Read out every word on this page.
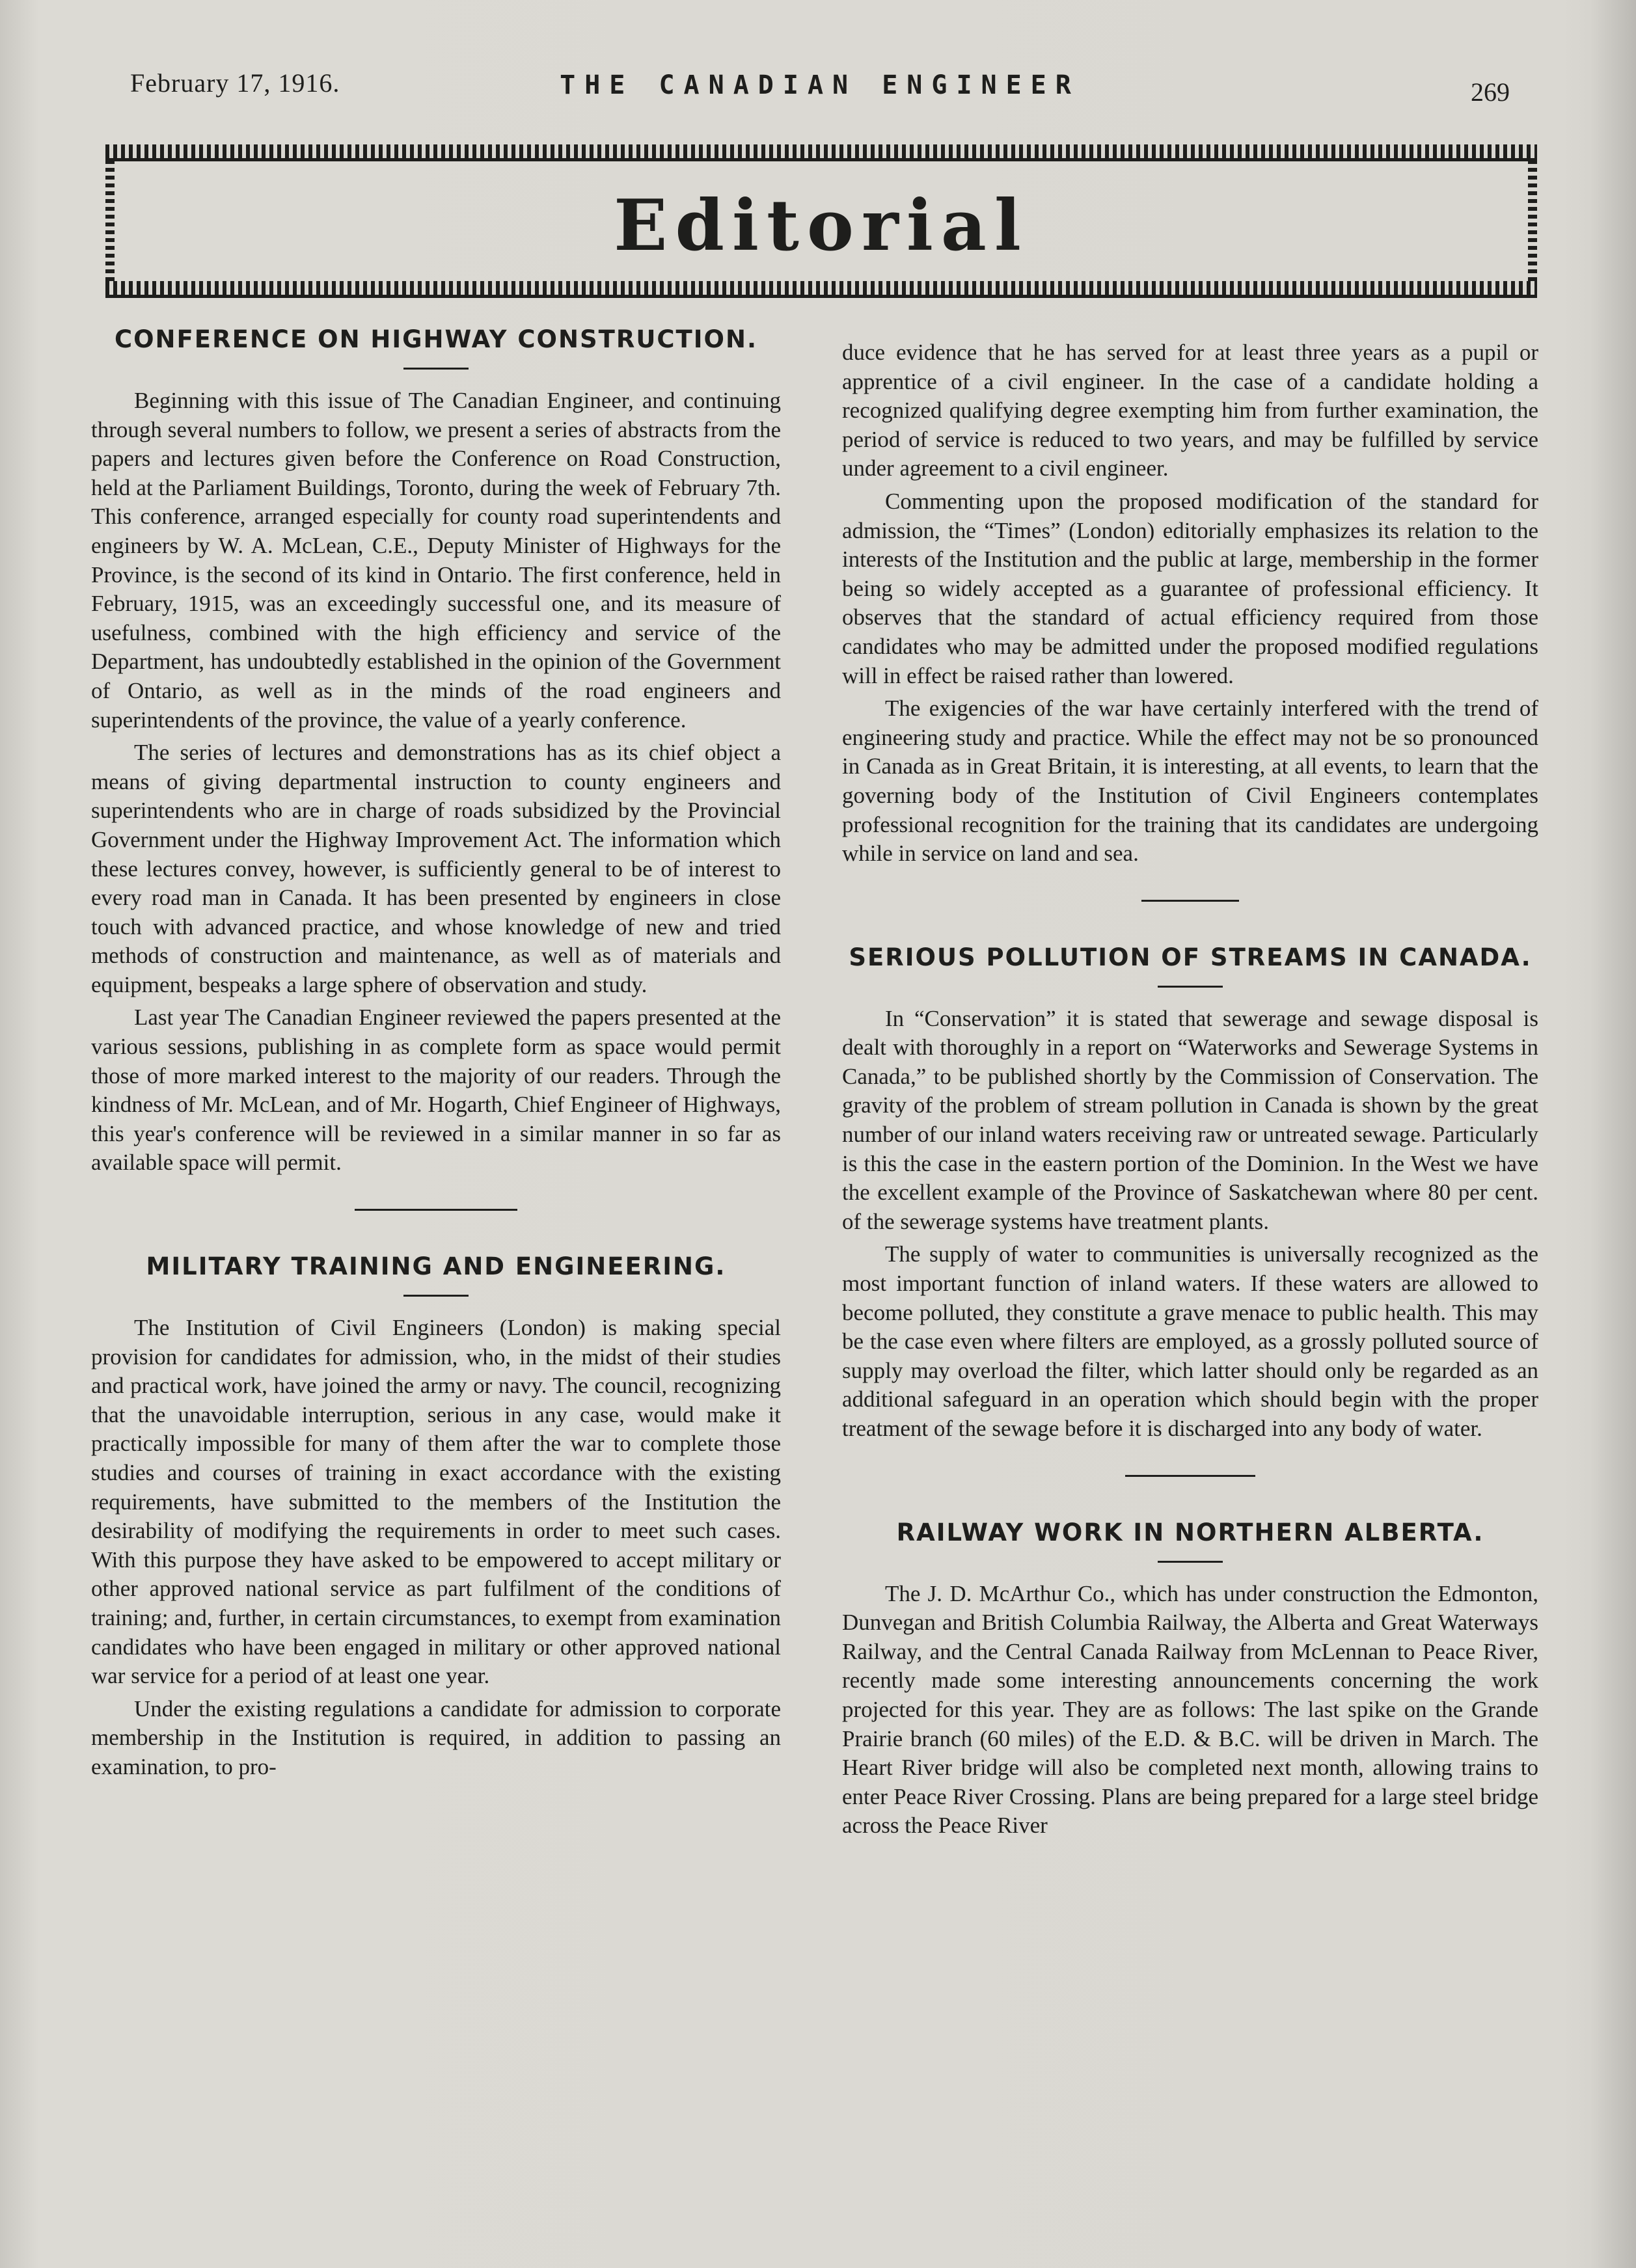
February 17, 1916.	THE CANADIAN ENGINEER	269
Editorial
CONFERENCE ON HIGHWAY CONSTRUCTION.

Beginning with this issue of The Canadian Engineer, and continuing through several numbers to follow, we present a series of abstracts from the papers and lectures given before the Conference on Road Construction, held at the Parliament Buildings, Toronto, during the week of February 7th. This conference, arranged especially for county road superintendents and engineers by W. A. McLean, C.E., Deputy Minister of Highways for the Province, is the second of its kind in Ontario. The first conference, held in February, 1915, was an exceedingly successful one, and its measure of usefulness, combined with the high efficiency and service of the Department, has undoubtedly established in the opinion of the Government of Ontario, as well as in the minds of the road engineers and superintendents of the province, the value of a yearly conference.

The series of lectures and demonstrations has as its chief object a means of giving departmental instruction to county engineers and superintendents who are in charge of roads subsidized by the Provincial Government under the Highway Improvement Act. The information which these lectures convey, however, is sufficiently general to be of interest to every road man in Canada. It has been presented by engineers in close touch with advanced practice, and whose knowledge of new and tried methods of construction and maintenance, as well as of materials and equipment, bespeaks a large sphere of observation and study.

Last year The Canadian Engineer reviewed the papers presented at the various sessions, publishing in as complete form as space would permit those of more marked interest to the majority of our readers. Through the kindness of Mr. McLean, and of Mr. Hogarth, Chief Engineer of Highways, this year's conference will be reviewed in a similar manner in so far as available space will permit.

MILITARY TRAINING AND ENGINEERING.

The Institution of Civil Engineers (London) is making special provision for candidates for admission, who, in the midst of their studies and practical work, have joined the army or navy. The council, recognizing that the unavoidable interruption, serious in any case, would make it practically impossible for many of them after the war to complete those studies and courses of training in exact accordance with the existing requirements, have submitted to the members of the Institution the desirability of modifying the requirements in order to meet such cases. With this purpose they have asked to be empowered to accept military or other approved national service as part fulfilment of the conditions of training; and, further, in certain circumstances, to exempt from examination candidates who have been engaged in military or other approved national war service for a period of at least one year.

Under the existing regulations a candidate for admission to corporate membership in the Institution is required, in addition to passing an examination, to pro-

duce evidence that he has served for at least three years as a pupil or apprentice of a civil engineer. In the case of a candidate holding a recognized qualifying degree exempting him from further examination, the period of service is reduced to two years, and may be fulfilled by service under agreement to a civil engineer.

Commenting upon the proposed modification of the standard for admission, the “Times” (London) editorially emphasizes its relation to the interests of the Institution and the public at large, membership in the former being so widely accepted as a guarantee of professional efficiency. It observes that the standard of actual efficiency required from those candidates who may be admitted under the proposed modified regulations will in effect be raised rather than lowered.

The exigencies of the war have certainly interfered with the trend of engineering study and practice. While the effect may not be so pronounced in Canada as in Great Britain, it is interesting, at all events, to learn that the governing body of the Institution of Civil Engineers contemplates professional recognition for the training that its candidates are undergoing while in service on land and sea.

SERIOUS POLLUTION OF STREAMS IN CANADA.

In “Conservation” it is stated that sewerage and sewage disposal is dealt with thoroughly in a report on “Waterworks and Sewerage Systems in Canada,” to be published shortly by the Commission of Conservation. The gravity of the problem of stream pollution in Canada is shown by the great number of our inland waters receiving raw or untreated sewage. Particularly is this the case in the eastern portion of the Dominion. In the West we have the excellent example of the Province of Saskatchewan where 80 per cent. of the sewerage systems have treatment plants.

The supply of water to communities is universally recognized as the most important function of inland waters. If these waters are allowed to become polluted, they constitute a grave menace to public health. This may be the case even where filters are employed, as a grossly polluted source of supply may overload the filter, which latter should only be regarded as an additional safeguard in an operation which should begin with the proper treatment of the sewage before it is discharged into any body of water.

RAILWAY WORK IN NORTHERN ALBERTA.

The J. D. McArthur Co., which has under construction the Edmonton, Dunvegan and British Columbia Railway, the Alberta and Great Waterways Railway, and the Central Canada Railway from McLennan to Peace River, recently made some interesting announcements concerning the work projected for this year. They are as follows: The last spike on the Grande Prairie branch (60 miles) of the E.D. & B.C. will be driven in March. The Heart River bridge will also be completed next month, allowing trains to enter Peace River Crossing. Plans are being prepared for a large steel bridge across the Peace River
